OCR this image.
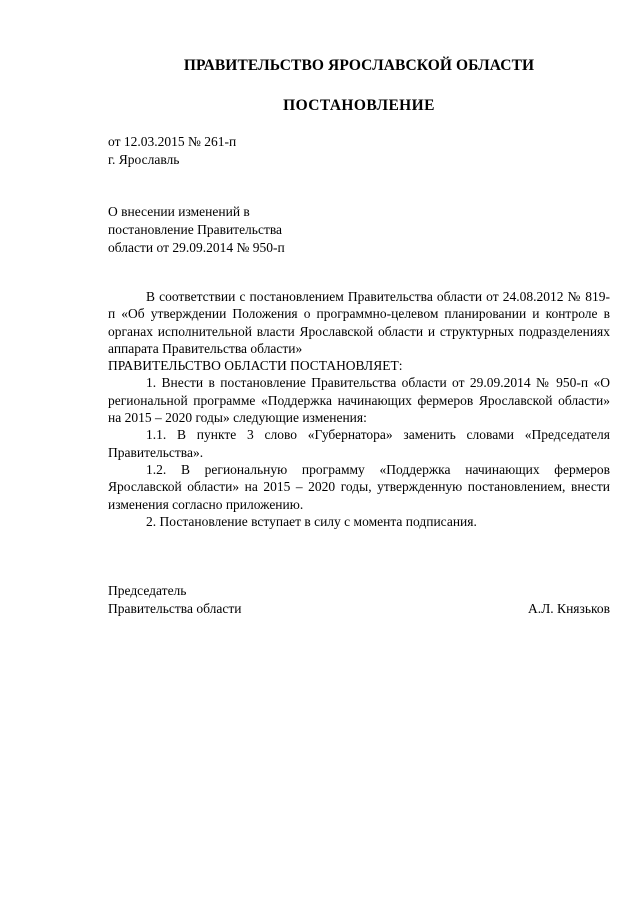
ПРАВИТЕЛЬСТВО ЯРОСЛАВСКОЙ ОБЛАСТИ
ПОСТАНОВЛЕНИЕ
от 12.03.2015 № 261-п
г. Ярославль
О внесении изменений в
постановление Правительства
области от 29.09.2014 № 950-п

В соответствии с постановлением Правительства области от 24.08.2012 № 819-п «Об утверждении Положения о программно-целевом планировании и контроле в органах исполнительной власти Ярославской области и структурных подразделениях аппарата Правительства области»

ПРАВИТЕЛЬСТВО ОБЛАСТИ ПОСТАНОВЛЯЕТ:

1. Внести в постановление Правительства области от 29.09.2014 № 950-п «О региональной программе «Поддержка начинающих фермеров Ярославской области» на 2015 – 2020 годы» следующие изменения:

1.1. В пункте 3 слово «Губернатора» заменить словами «Председателя Правительства».

1.2. В региональную программу «Поддержка начинающих фермеров Ярославской области» на 2015 – 2020 годы, утвержденную постановлением, внести изменения согласно приложению.

2. Постановление вступает в силу с момента подписания.

Председатель
Правительства области	А.Л. Князьков
